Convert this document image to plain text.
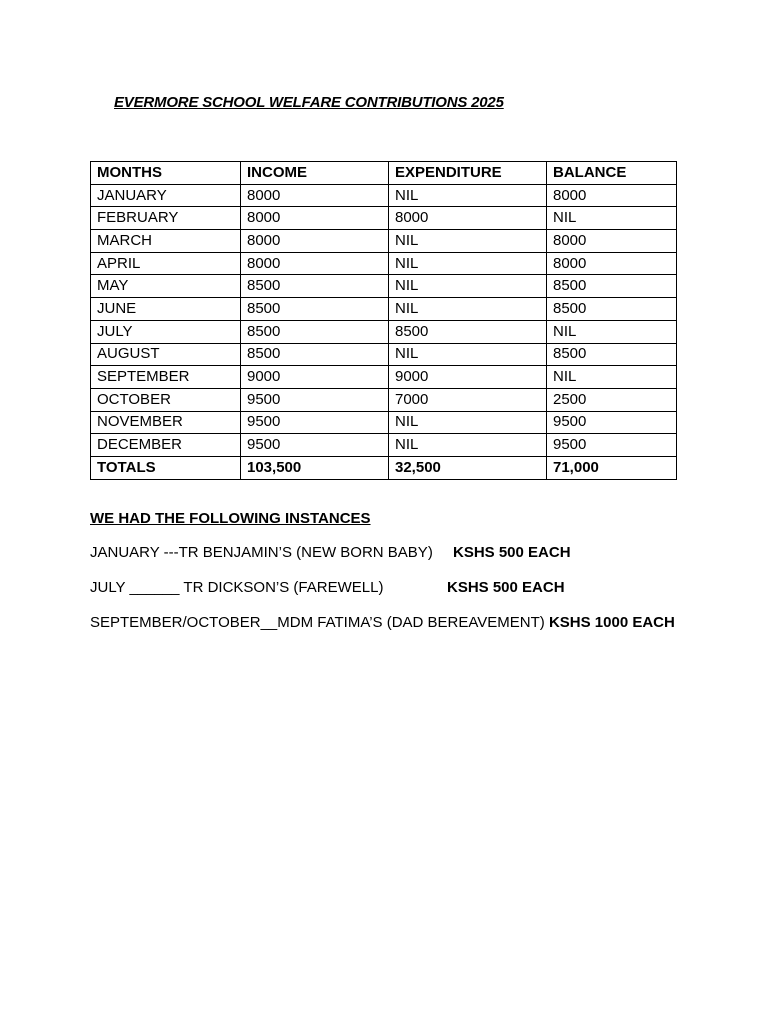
EVERMORE SCHOOL WELFARE CONTRIBUTIONS 2025
MONTHS	INCOME	EXPENDITURE	BALANCE
JANUARY	8000	NIL	8000
FEBRUARY	8000	8000	NIL
MARCH	8000	NIL	8000
APRIL	8000	NIL	8000
MAY	8500	NIL	8500
JUNE	8500	NIL	8500
JULY	8500	8500	NIL
AUGUST	8500	NIL	8500
SEPTEMBER	9000	9000	NIL
OCTOBER	9500	7000	2500
NOVEMBER	9500	NIL	9500
DECEMBER	9500	NIL	9500
TOTALS	103,500	32,500	71,000
WE HAD THE FOLLOWING INSTANCES
JANUARY ---TR BENJAMIN’S (NEW BORN BABY) KSHS 500 EACH
JULY ______ TR DICKSON’S (FAREWELL)	KSHS 500 EACH
SEPTEMBER/OCTOBER__MDM FATIMA’S (DAD BEREAVEMENT) KSHS 1000 EACH
